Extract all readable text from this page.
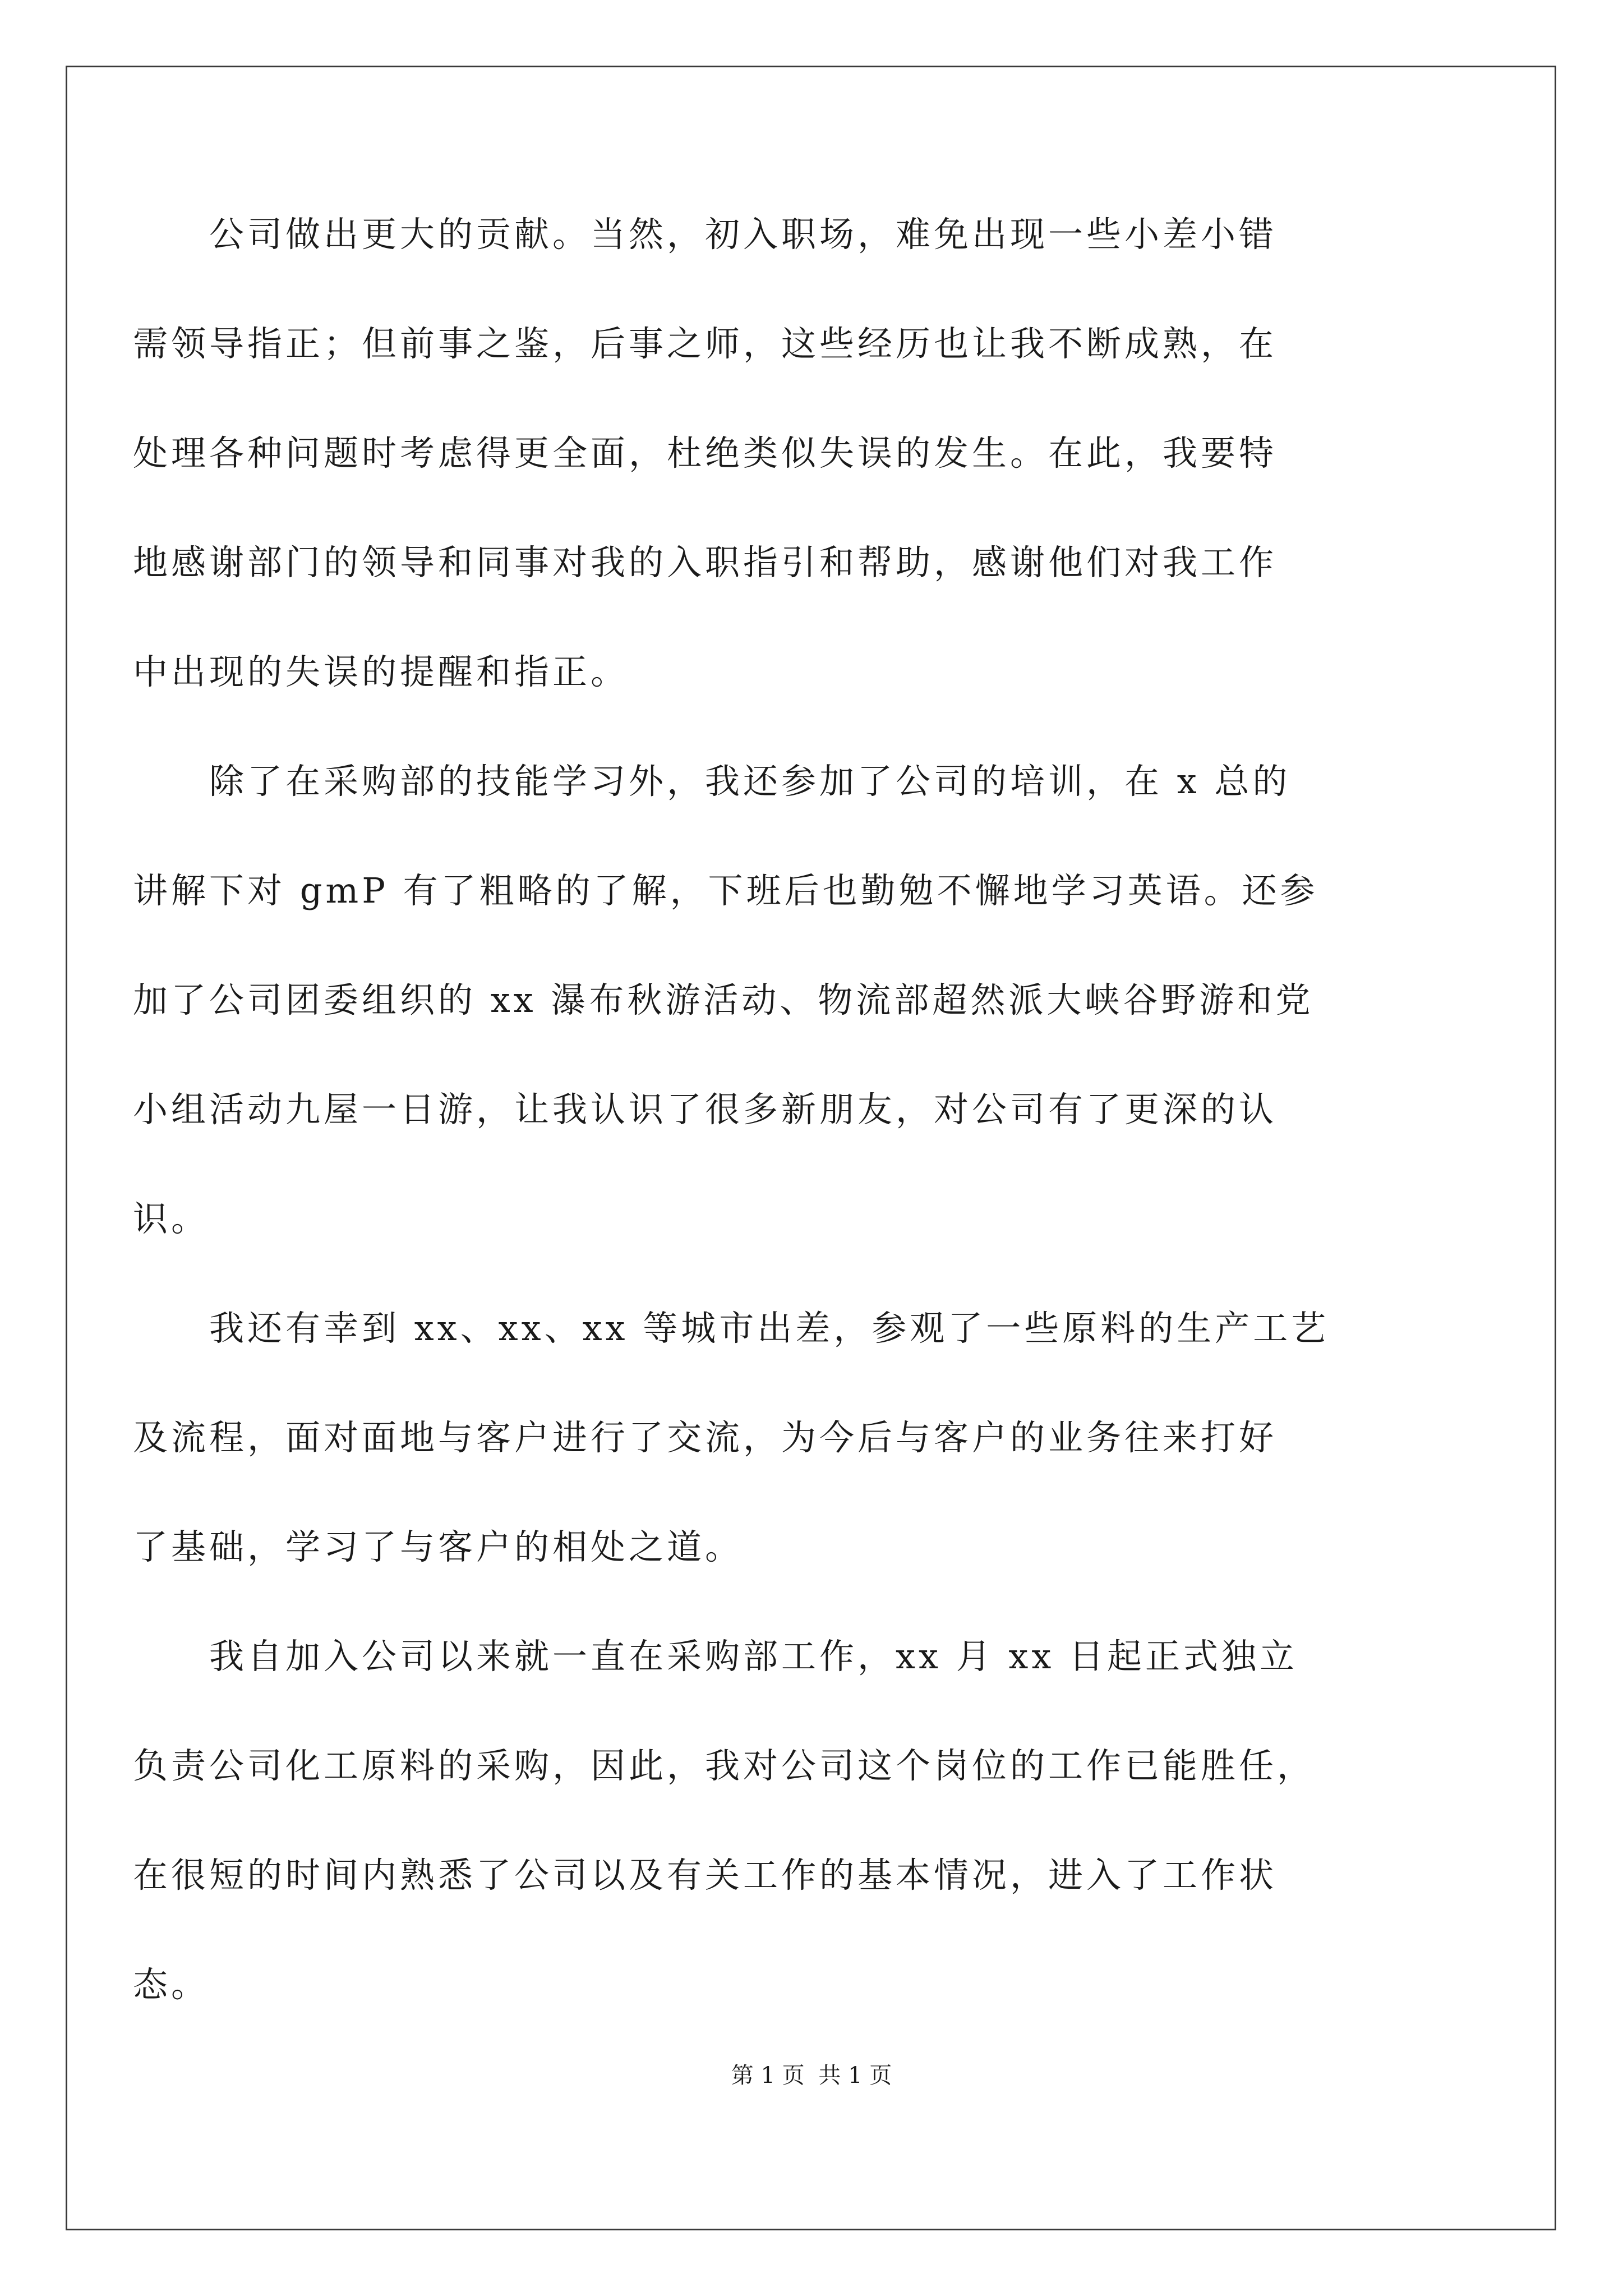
　　公司做出更大的贡献。当然，初入职场，难免出现一些小差小错
需领导指正；但前事之鉴，后事之师，这些经历也让我不断成熟，在
处理各种问题时考虑得更全面，杜绝类似失误的发生。在此，我要特
地感谢部门的领导和同事对我的入职指引和帮助，感谢他们对我工作
中出现的失误的提醒和指正。
　　除了在采购部的技能学习外，我还参加了公司的培训，在 x 总的
讲解下对 gmP 有了粗略的了解，下班后也勤勉不懈地学习英语。还参
加了公司团委组织的 xx 瀑布秋游活动、物流部超然派大峡谷野游和党
小组活动九屋一日游，让我认识了很多新朋友，对公司有了更深的认
识。
　　我还有幸到 xx、xx、xx 等城市出差，参观了一些原料的生产工艺
及流程，面对面地与客户进行了交流，为今后与客户的业务往来打好
了基础，学习了与客户的相处之道。
　　我自加入公司以来就一直在采购部工作，xx 月 xx 日起正式独立
负责公司化工原料的采购，因此，我对公司这个岗位的工作已能胜任，
在很短的时间内熟悉了公司以及有关工作的基本情况，进入了工作状
态。
第 1 页 共 1 页
